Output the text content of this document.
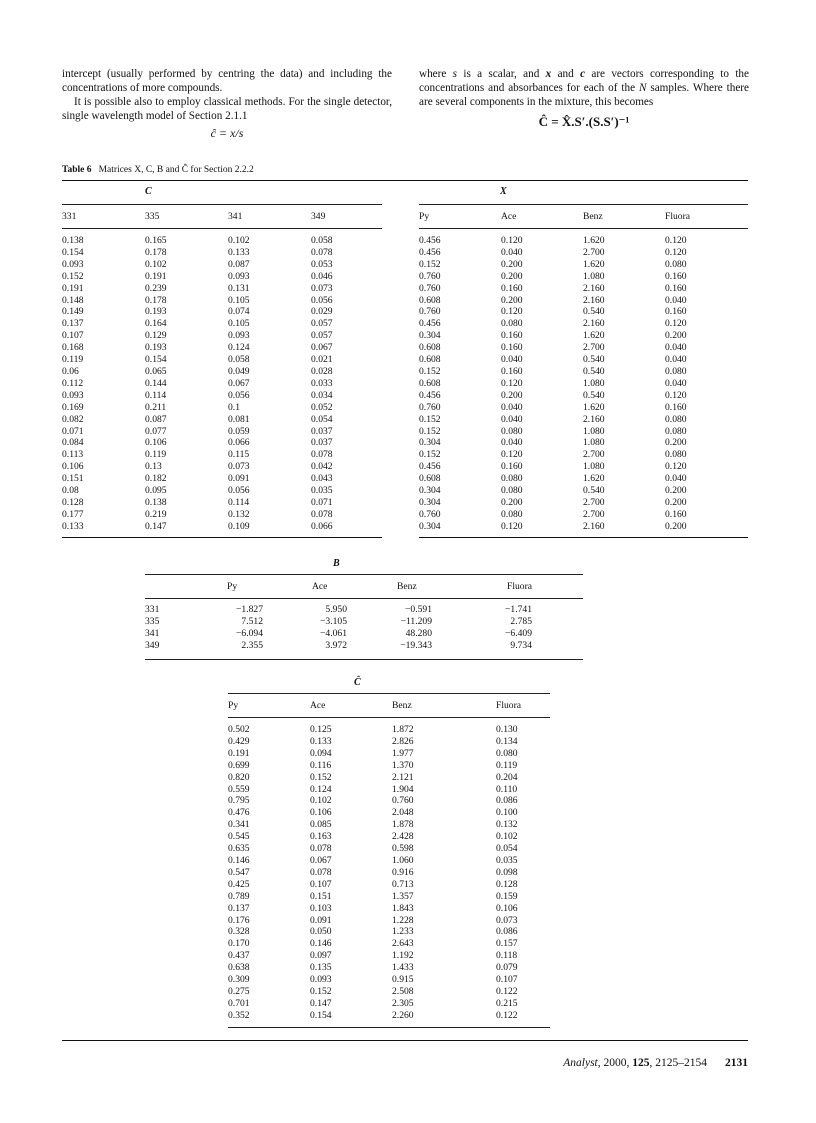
intercept (usually performed by centring the data) and including the concentrations of more compounds.

It is possible also to employ classical methods. For the single detector, single wavelength model of Section 2.1.1

ĉ = x/s

where s is a scalar, and x and c are vectors corresponding to the concentrations and absorbances for each of the N samples. Where there are several components in the mixture, this becomes

Ĉ = X̂.S′.(S.S′)⁻¹
Table 6 Matrices X, C, B and Ĉ for Section 2.2.2
C
331	335	341	349
0.138	0.165	0.102	0.058
0.154	0.178	0.133	0.078
0.093	0.102	0.087	0.053
0.152	0.191	0.093	0.046
0.191	0.239	0.131	0.073
0.148	0.178	0.105	0.056
0.149	0.193	0.074	0.029
0.137	0.164	0.105	0.057
0.107	0.129	0.093	0.057
0.168	0.193	0.124	0.067
0.119	0.154	0.058	0.021
0.06	0.065	0.049	0.028
0.112	0.144	0.067	0.033
0.093	0.114	0.056	0.034
0.169	0.211	0.1	0.052
0.082	0.087	0.081	0.054
0.071	0.077	0.059	0.037
0.084	0.106	0.066	0.037
0.113	0.119	0.115	0.078
0.106	0.13	0.073	0.042
0.151	0.182	0.091	0.043
0.08	0.095	0.056	0.035
0.128	0.138	0.114	0.071
0.177	0.219	0.132	0.078
0.133	0.147	0.109	0.066
X
Py	Ace	Benz	Fluora
0.456	0.120	1.620	0.120
0.456	0.040	2.700	0.120
0.152	0.200	1.620	0.080
0.760	0.200	1.080	0.160
0.760	0.160	2.160	0.160
0.608	0.200	2.160	0.040
0.760	0.120	0.540	0.160
0.456	0.080	2.160	0.120
0.304	0.160	1.620	0.200
0.608	0.160	2.700	0.040
0.608	0.040	0.540	0.040
0.152	0.160	0.540	0.080
0.608	0.120	1.080	0.040
0.456	0.200	0.540	0.120
0.760	0.040	1.620	0.160
0.152	0.040	2.160	0.080
0.152	0.080	1.080	0.080
0.304	0.040	1.080	0.200
0.152	0.120	2.700	0.080
0.456	0.160	1.080	0.120
0.608	0.080	1.620	0.040
0.304	0.080	0.540	0.200
0.304	0.200	2.700	0.200
0.760	0.080	2.700	0.160
0.304	0.120	2.160	0.200
B
	Py	Ace	Benz	Fluora
331	−1.827	5.950	−0.591	−1.741
335	7.512	−3.105	−11.209	2.785
341	−6.094	−4.061	48.280	−6.409
349	2.355	3.972	−19.343	9.734
Ĉ
Py	Ace	Benz	Fluora
0.502	0.125	1.872	0.130
0.429	0.133	2.826	0.134
0.191	0.094	1.977	0.080
0.699	0.116	1.370	0.119
0.820	0.152	2.121	0.204
0.559	0.124	1.904	0.110
0.795	0.102	0.760	0.086
0.476	0.106	2.048	0.100
0.341	0.085	1.878	0.132
0.545	0.163	2.428	0.102
0.635	0.078	0.598	0.054
0.146	0.067	1.060	0.035
0.547	0.078	0.916	0.098
0.425	0.107	0.713	0.128
0.789	0.151	1.357	0.159
0.137	0.103	1.843	0.106
0.176	0.091	1.228	0.073
0.328	0.050	1.233	0.086
0.170	0.146	2.643	0.157
0.437	0.097	1.192	0.118
0.638	0.135	1.433	0.079
0.309	0.093	0.915	0.107
0.275	0.152	2.508	0.122
0.701	0.147	2.305	0.215
0.352	0.154	2.260	0.122
Analyst, 2000, 125, 2125–2154 2131
